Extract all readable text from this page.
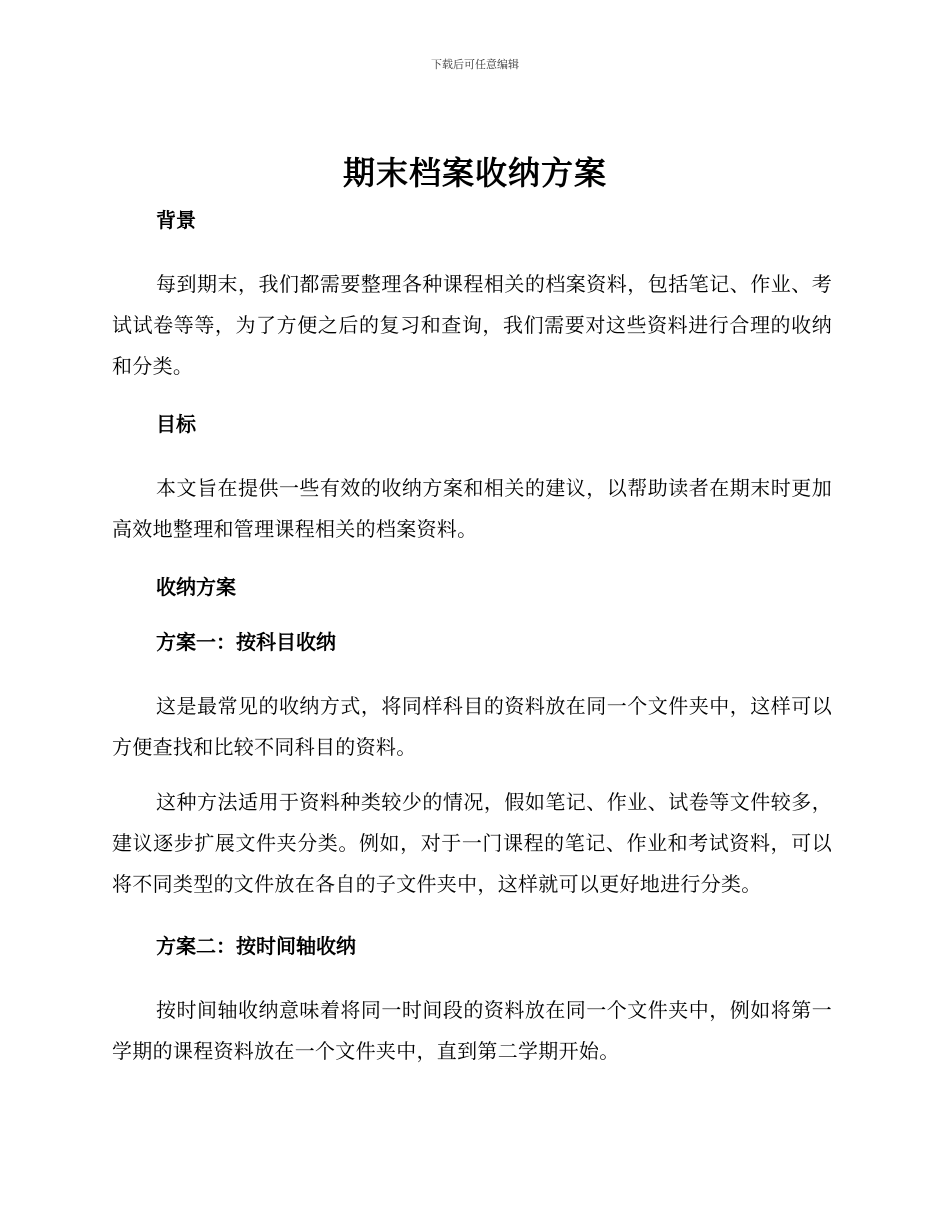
下载后可任意编辑
期末档案收纳方案

背景

每到期末，我们都需要整理各种课程相关的档案资料，包括笔记、作业、考试试卷等等，为了方便之后的复习和查询，我们需要对这些资料进行合理的收纳和分类。

目标

本文旨在提供一些有效的收纳方案和相关的建议，以帮助读者在期末时更加高效地整理和管理课程相关的档案资料。

收纳方案

方案一：按科目收纳

这是最常见的收纳方式，将同样科目的资料放在同一个文件夹中，这样可以方便查找和比较不同科目的资料。

这种方法适用于资料种类较少的情况，假如笔记、作业、试卷等文件较多，建议逐步扩展文件夹分类。例如，对于一门课程的笔记、作业和考试资料，可以将不同类型的文件放在各自的子文件夹中，这样就可以更好地进行分类。

方案二：按时间轴收纳

按时间轴收纳意味着将同一时间段的资料放在同一个文件夹中，例如将第一学期的课程资料放在一个文件夹中，直到第二学期开始。
